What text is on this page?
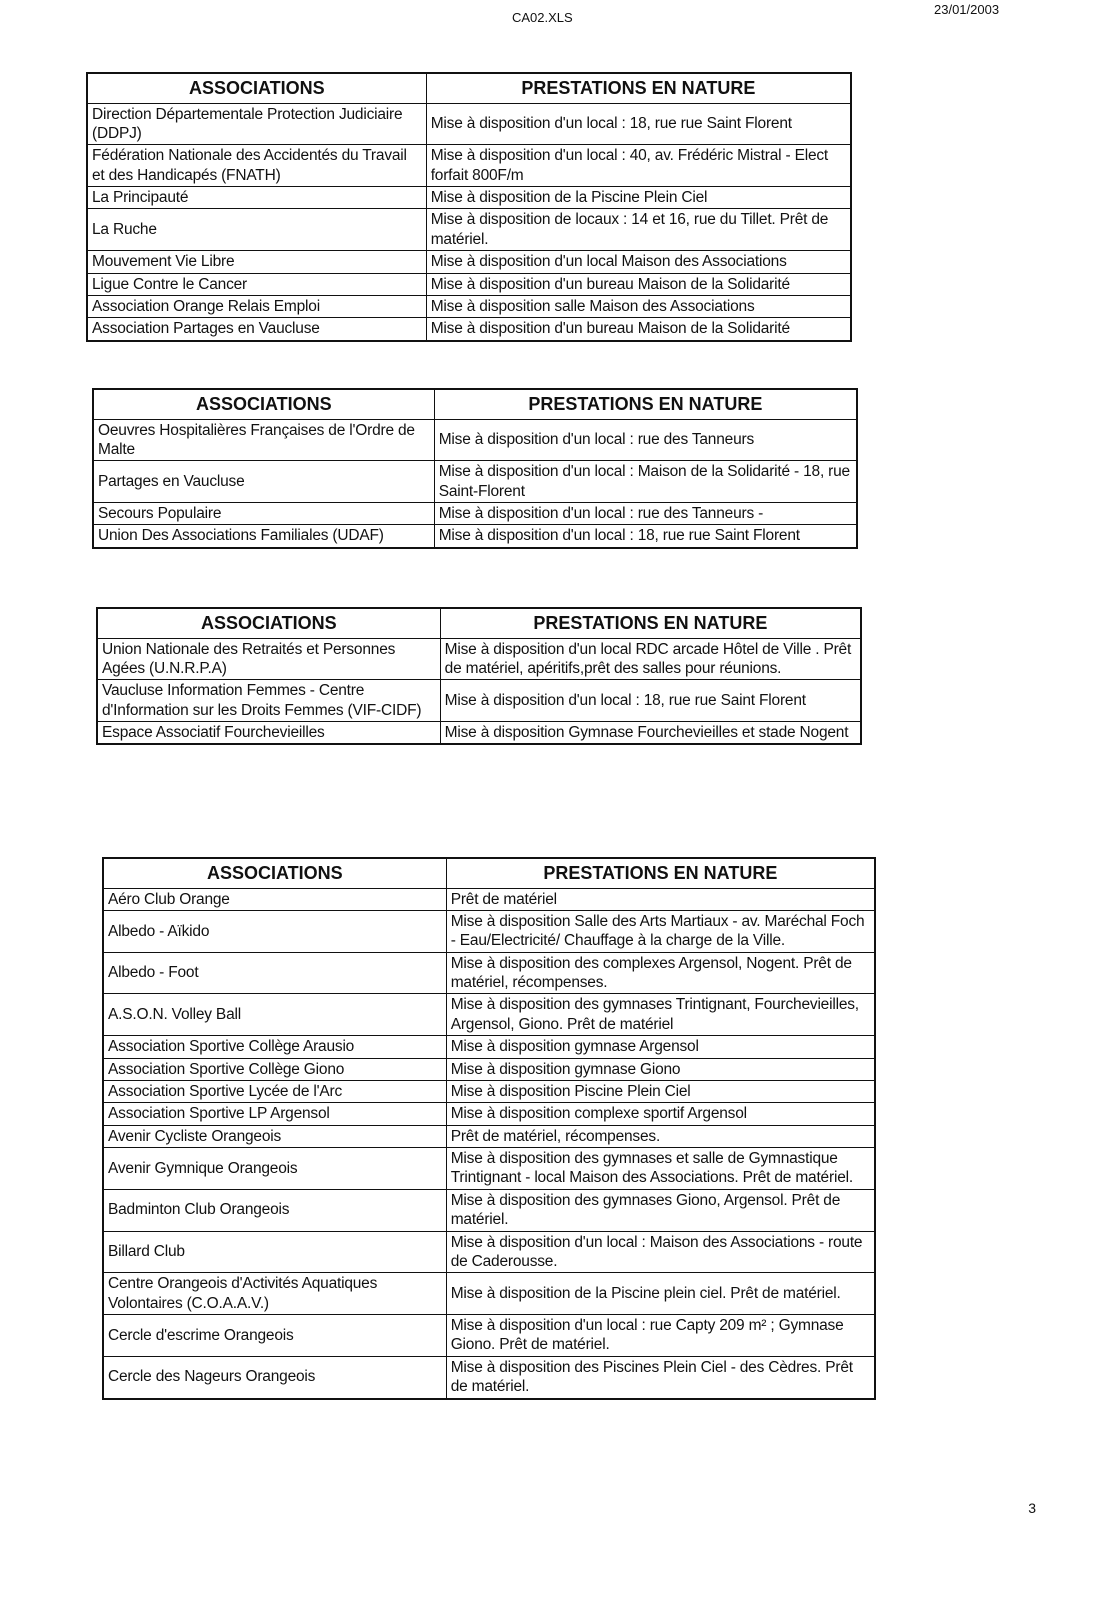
CA02.XLS
23/01/2003
ASSOCIATIONS	PRESTATIONS EN NATURE
Direction Départementale Protection Judiciaire (DDPJ)	Mise à disposition d'un local : 18, rue rue Saint Florent
Fédération Nationale des Accidentés du Travail et des Handicapés (FNATH)	Mise à disposition d'un local : 40, av. Frédéric Mistral - Elect forfait 800F/m
La Principauté	Mise à disposition de la Piscine Plein Ciel
La Ruche	Mise à disposition de locaux : 14 et 16, rue du Tillet. Prêt de matériel.
Mouvement Vie Libre	Mise à disposition d'un local Maison des Associations
Ligue Contre le Cancer	Mise à disposition d'un bureau Maison de la Solidarité
Association Orange Relais Emploi	Mise à disposition salle Maison des Associations
Association Partages en Vaucluse	Mise à disposition d'un bureau Maison de la Solidarité
ASSOCIATIONS	PRESTATIONS EN NATURE
Oeuvres Hospitalières Françaises de l'Ordre de Malte	Mise à disposition d'un local : rue des Tanneurs
Partages en Vaucluse	Mise à disposition d'un local : Maison de la Solidarité - 18, rue Saint-Florent
Secours Populaire	Mise à disposition d'un local : rue des Tanneurs -
Union Des Associations Familiales (UDAF)	Mise à disposition d'un local : 18, rue rue Saint Florent
ASSOCIATIONS	PRESTATIONS EN NATURE
Union Nationale des Retraités et Personnes Agées (U.N.R.P.A)	Mise à disposition d'un local RDC arcade Hôtel de Ville . Prêt de matériel, apéritifs,prêt des salles pour réunions.
Vaucluse Information Femmes - Centre d'Information sur les Droits Femmes (VIF-CIDF)	Mise à disposition d'un local : 18, rue rue Saint Florent
Espace Associatif Fourchevieilles	Mise à disposition Gymnase Fourchevieilles et stade Nogent
ASSOCIATIONS	PRESTATIONS EN NATURE
Aéro Club Orange	Prêt de matériel
Albedo - Aïkido	Mise à disposition Salle des Arts Martiaux - av. Maréchal Foch - Eau/Electricité/ Chauffage à la charge de la Ville.
Albedo - Foot	Mise à disposition des complexes Argensol, Nogent. Prêt de matériel, récompenses.
A.S.O.N. Volley Ball	Mise à disposition des gymnases Trintignant, Fourchevieilles, Argensol, Giono. Prêt de matériel
Association Sportive Collège Arausio	Mise à disposition gymnase Argensol
Association Sportive Collège Giono	Mise à disposition gymnase Giono
Association Sportive Lycée de l'Arc	Mise à disposition Piscine Plein Ciel
Association Sportive LP Argensol	Mise à disposition complexe sportif Argensol
Avenir Cycliste Orangeois	Prêt de matériel, récompenses.
Avenir Gymnique Orangeois	Mise à disposition des gymnases et salle de Gymnastique Trintignant - local Maison des Associations. Prêt de matériel.
Badminton Club Orangeois	Mise à disposition des gymnases Giono, Argensol. Prêt de matériel.
Billard Club	Mise à disposition d'un local : Maison des Associations - route de Caderousse.
Centre Orangeois d'Activités Aquatiques Volontaires (C.O.A.A.V.)	Mise à disposition de la Piscine plein ciel. Prêt de matériel.
Cercle d'escrime Orangeois	Mise à disposition d'un local : rue Capty 209 m² ; Gymnase Giono. Prêt de matériel.
Cercle des Nageurs Orangeois	Mise à disposition des Piscines Plein Ciel - des Cèdres. Prêt de matériel.
3
